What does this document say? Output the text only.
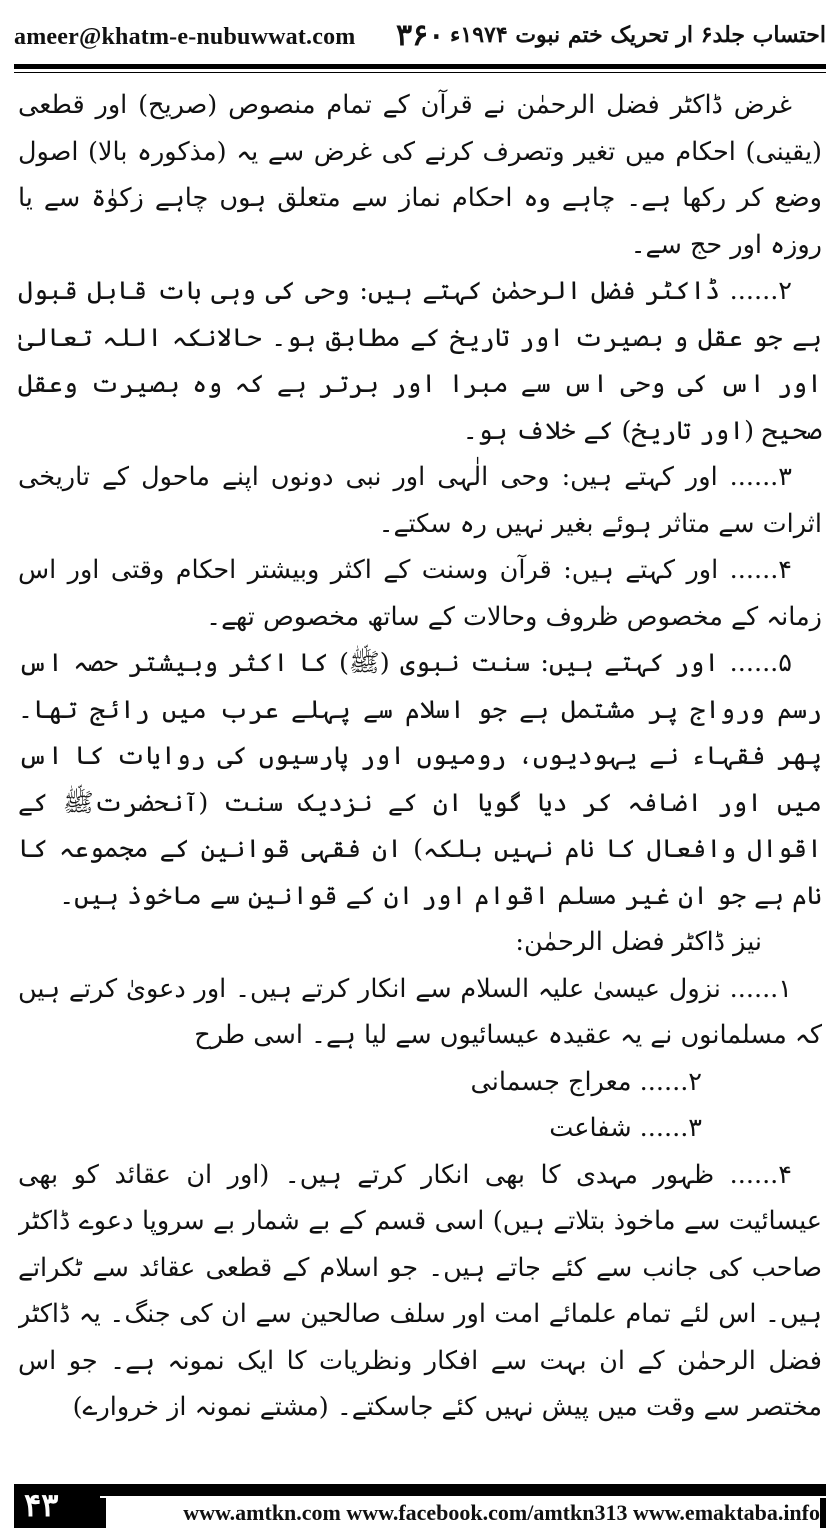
ameer@khatm-e-nubuwwat.com ۳۶۰ احتساب جلد۶ ار تحریک ختم نبوت ۱۹۷۴ء

غرض ڈاکٹر فضل الرحمٰن نے قرآن کے تمام منصوص (صریح) اور قطعی (یقینی) احکام میں تغیر وتصرف کرنے کی غرض سے یہ (مذکورہ بالا) اصول وضع کر رکھا ہے۔ چاہے وہ احکام نماز سے متعلق ہوں چاہے زکوٰۃ سے یا روزہ اور حج سے۔

۲...... ڈاکٹر فضل الرحمٰن کہتے ہیں: وحی کی وہی بات قابل قبول ہے جو عقل و بصیرت اور تاریخ کے مطابق ہو۔ حالانکہ اللہ تعالیٰ اور اس کی وحی اس سے مبرا اور برتر ہے کہ وہ بصیرت وعقل صحیح (اور تاریخ) کے خلاف ہو۔

۳...... اور کہتے ہیں: وحی الٰہی اور نبی دونوں اپنے ماحول کے تاریخی اثرات سے متاثر ہوئے بغیر نہیں رہ سکتے۔

۴...... اور کہتے ہیں: قرآن وسنت کے اکثر وبیشتر احکام وقتی اور اس زمانہ کے مخصوص ظروف وحالات کے ساتھ مخصوص تھے۔

۵...... اور کہتے ہیں: سنت نبوی (ﷺ) کا اکثر وبیشتر حصہ اس رسم ورواج پر مشتمل ہے جو اسلام سے پہلے عرب میں رائج تھا۔ پھر فقہاء نے یہودیوں، رومیوں اور پارسیوں کی روایات کا اس میں اور اضافہ کر دیا گویا ان کے نزدیک سنت (آنحضرتﷺ کے اقوال وافعال کا نام نہیں بلکہ) ان فقہی قوانین کے مجموعہ کا نام ہے جو ان غیر مسلم اقوام اور ان کے قوانین سے ماخوذ ہیں۔

نیز ڈاکٹر فضل الرحمٰن:

۱...... نزول عیسیٰ علیہ السلام سے انکار کرتے ہیں۔ اور دعویٰ کرتے ہیں کہ مسلمانوں نے یہ عقیدہ عیسائیوں سے لیا ہے۔ اسی طرح

۲...... معراج جسمانی

۳...... شفاعت

۴...... ظہور مہدی کا بھی انکار کرتے ہیں۔ (اور ان عقائد کو بھی عیسائیت سے ماخوذ بتلاتے ہیں) اسی قسم کے بے شمار بے سروپا دعوے ڈاکٹر صاحب کی جانب سے کئے جاتے ہیں۔ جو اسلام کے قطعی عقائد سے ٹکراتے ہیں۔ اس لئے تمام علمائے امت اور سلف صالحین سے ان کی جنگ۔ یہ ڈاکٹر فضل الرحمٰن کے ان بہت سے افکار ونظریات کا ایک نمونہ ہے۔ جو اس مختصر سے وقت میں پیش نہیں کئے جاسکتے۔ (مشتے نمونہ از خروارے)

۴۳	www.amtkn.com www.facebook.com/amtkn313 www.emaktaba.info
